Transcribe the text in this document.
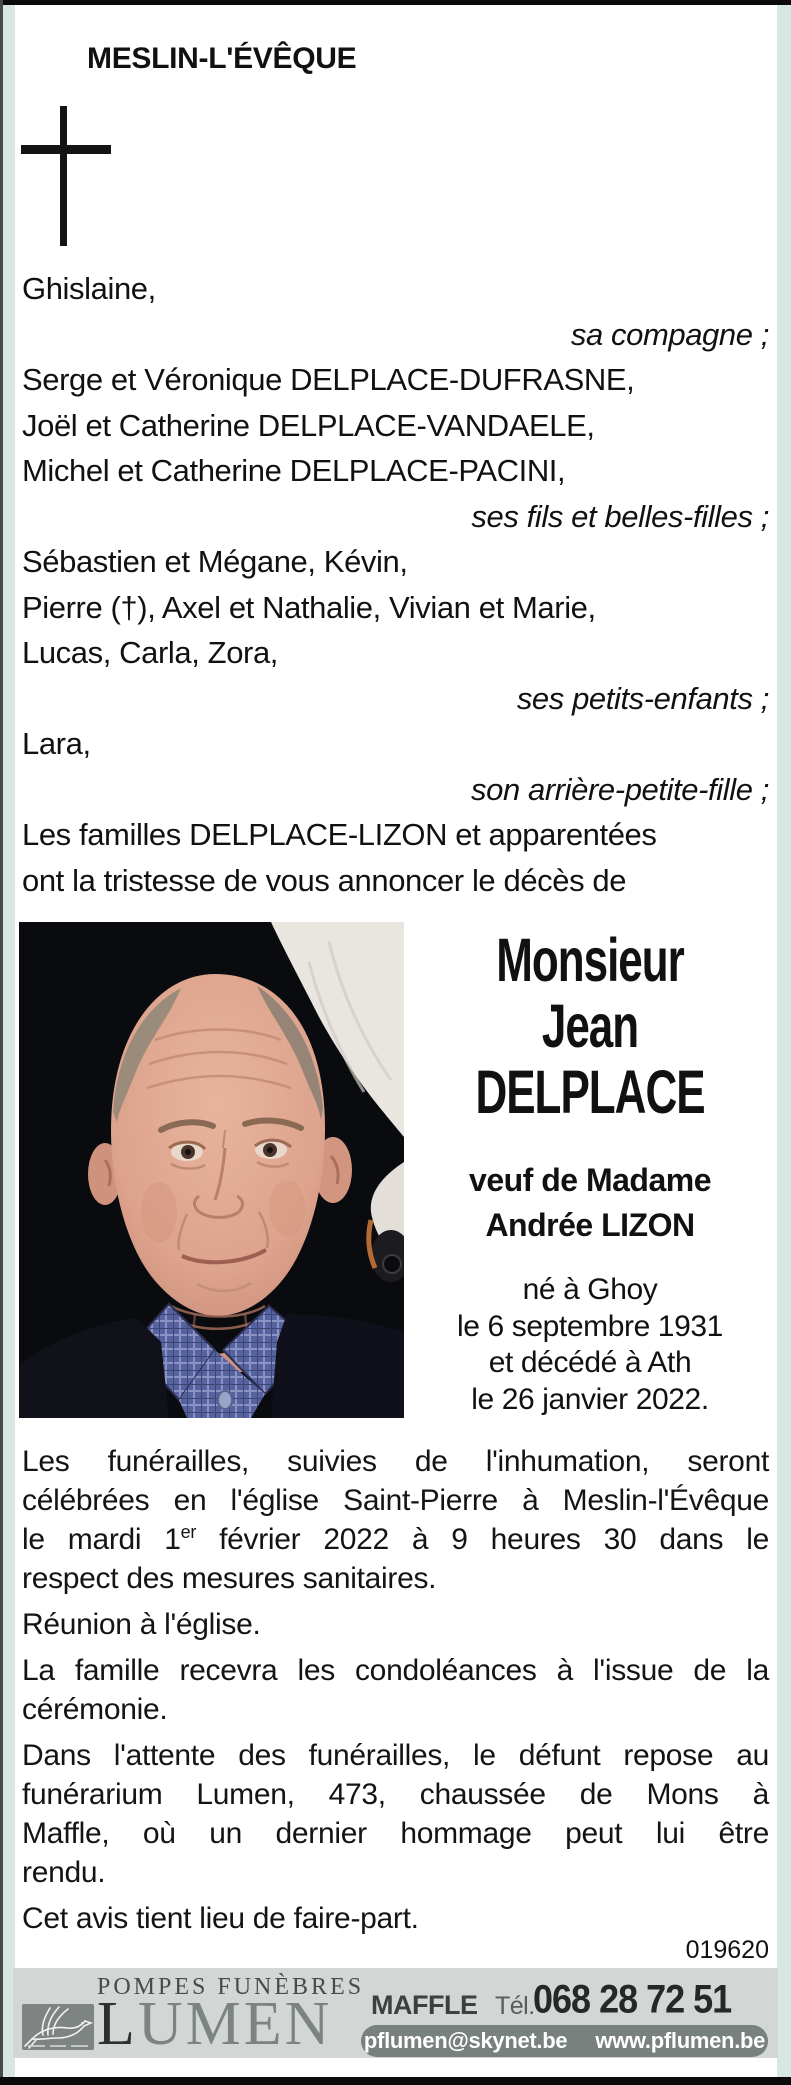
MESLIN-L'ÉVÊQUE
Ghislaine,
sa compagne ;
Serge et Véronique DELPLACE-DUFRASNE,
Joël et Catherine DELPLACE-VANDAELE,
Michel et Catherine DELPLACE-PACINI,
ses fils et belles-filles ;
Sébastien et Mégane, Kévin,
Pierre (†), Axel et Nathalie, Vivian et Marie,
Lucas, Carla, Zora,
ses petits-enfants ;
Lara,
son arrière-petite-fille ;
Les familles DELPLACE-LIZON et apparentées
ont la tristesse de vous annoncer le décès de
Monsieur
Jean
DELPLACE
veuf de Madame
Andrée LIZON
né à Ghoy
le 6 septembre 1931
et décédé à Ath
le 26 janvier 2022.
Les funérailles, suivies de l'inhumation, seront
célébrées en l'église Saint-Pierre à Meslin-l'Évêque
le mardi 1er février 2022 à 9 heures 30 dans le
respect des mesures sanitaires.
Réunion à l'église.
La famille recevra les condoléances à l'issue de la
cérémonie.
Dans l'attente des funérailles, le défunt repose au
funérarium Lumen, 473, chaussée de Mons à
Maffle, où un dernier hommage peut lui être
rendu.
Cet avis tient lieu de faire-part.
019620
POMPES FUNÈBRES
LUMEN	MAFFLE Tél.
068 28 72 51
pflumen@skynet.be www.pflumen.be
